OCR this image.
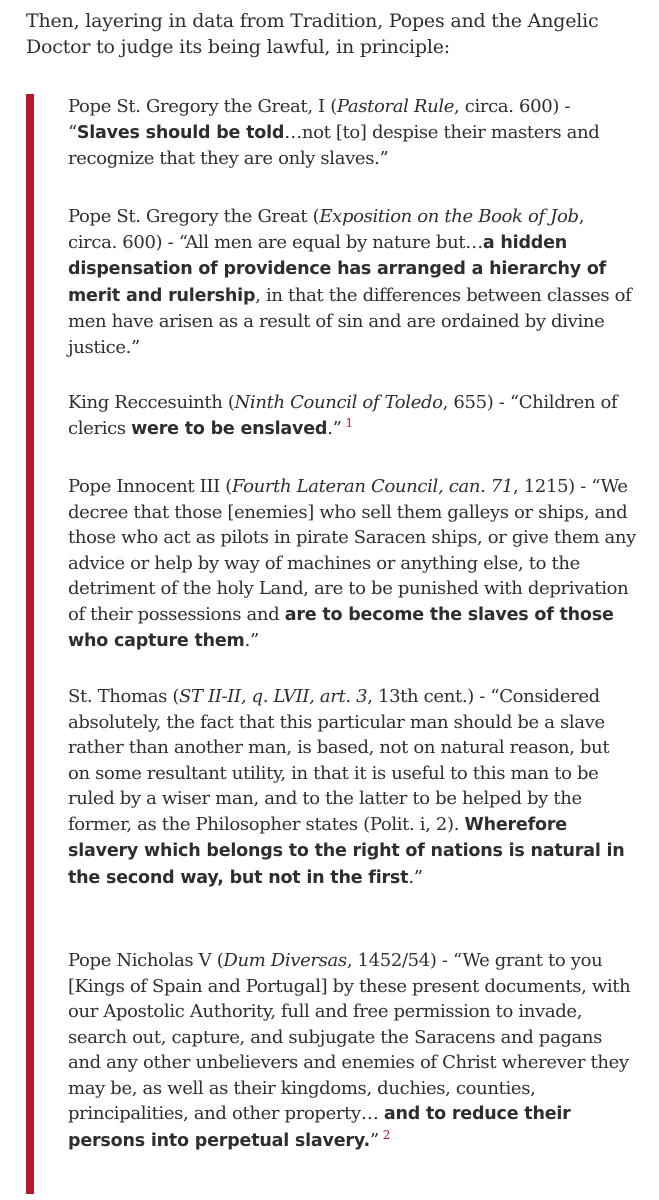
Then, layering in data from Tradition, Popes and the Angelic Doctor to judge its being lawful, in principle:

Pope St. Gregory the Great, I (Pastoral Rule, circa. 600) - “Slaves should be told…not [to] despise their masters and recognize that they are only slaves.”

Pope St. Gregory the Great (Exposition on the Book of Job, circa. 600) - “All men are equal by nature but…a hidden dispensation of providence has arranged a hierarchy of merit and rulership, in that the differences between classes of men have arisen as a result of sin and are ordained by divine justice.”

King Reccesuinth (Ninth Council of Toledo, 655) - “Children of clerics were to be enslaved.” $^1$

Pope Innocent III (Fourth Lateran Council, can. 71, 1215) - “We decree that those [enemies] who sell them galleys or ships, and those who act as pilots in pirate Saracen ships, or give them any advice or help by way of machines or anything else, to the detriment of the holy Land, are to be punished with deprivation of their possessions and are to become the slaves of those who capture them.”

St. Thomas (ST II-II, q. LVII, art. 3, 13th cent.) - “Considered absolutely, the fact that this particular man should be a slave rather than another man, is based, not on natural reason, but on some resultant utility, in that it is useful to this man to be ruled by a wiser man, and to the latter to be helped by the former, as the Philosopher states (Polit. i, 2). Wherefore slavery which belongs to the right of nations is natural in the second way, but not in the first.”

Pope Nicholas V (Dum Diversas, 1452/54) - “We grant to you [Kings of Spain and Portugal] by these present documents, with our Apostolic Authority, full and free permission to invade, search out, capture, and subjugate the Saracens and pagans and any other unbelievers and enemies of Christ wherever they may be, as well as their kingdoms, duchies, counties, principalities, and other property… and to reduce their persons into perpetual slavery.” $^2$
